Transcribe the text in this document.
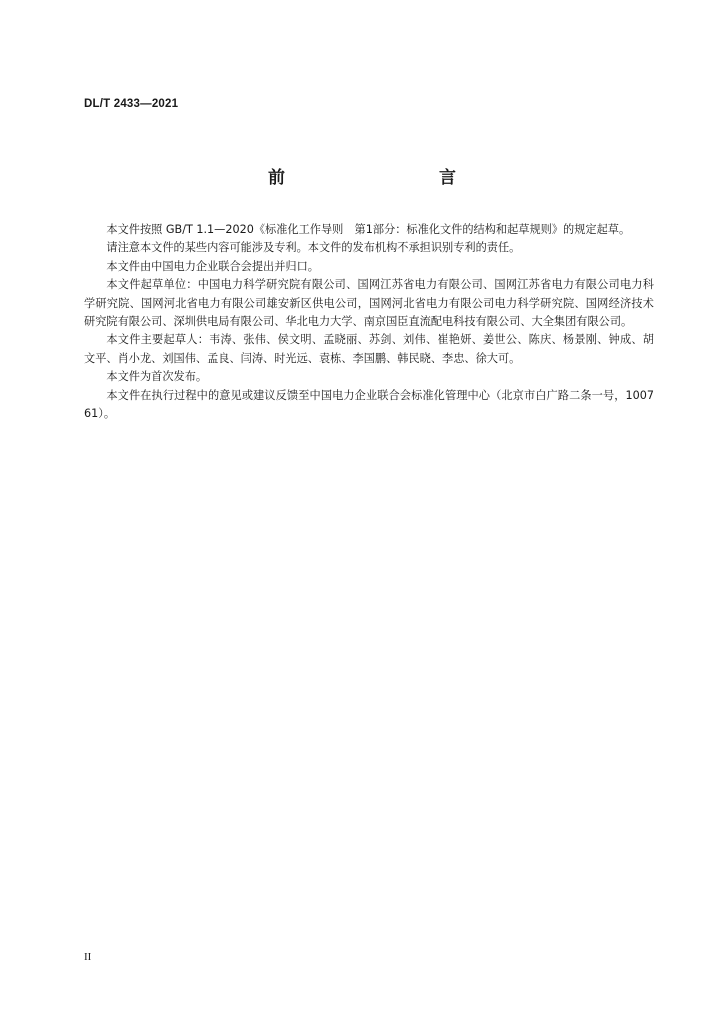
DL/T 2433—2021
前　　言

本文件按照 GB/T 1.1—2020《标准化工作导则　第1部分：标准化文件的结构和起草规则》的规定起草。

请注意本文件的某些内容可能涉及专利。本文件的发布机构不承担识别专利的责任。

本文件由中国电力企业联合会提出并归口。

本文件起草单位：中国电力科学研究院有限公司、国网江苏省电力有限公司、国网江苏省电力有限公司电力科学研究院、国网河北省电力有限公司雄安新区供电公司，国网河北省电力有限公司电力科学研究院、国网经济技术研究院有限公司、深圳供电局有限公司、华北电力大学、南京国臣直流配电科技有限公司、大全集团有限公司。

本文件主要起草人：韦涛、张伟、侯文明、孟晓丽、苏剑、刘伟、崔艳妍、姜世公、陈庆、杨景刚、钟成、胡文平、肖小龙、刘国伟、孟良、闫涛、时光远、袁栋、李国鹏、韩民晓、李忠、徐大可。

本文件为首次发布。

本文件在执行过程中的意见或建议反馈至中国电力企业联合会标准化管理中心（北京市白广路二条一号，100761）。

II
